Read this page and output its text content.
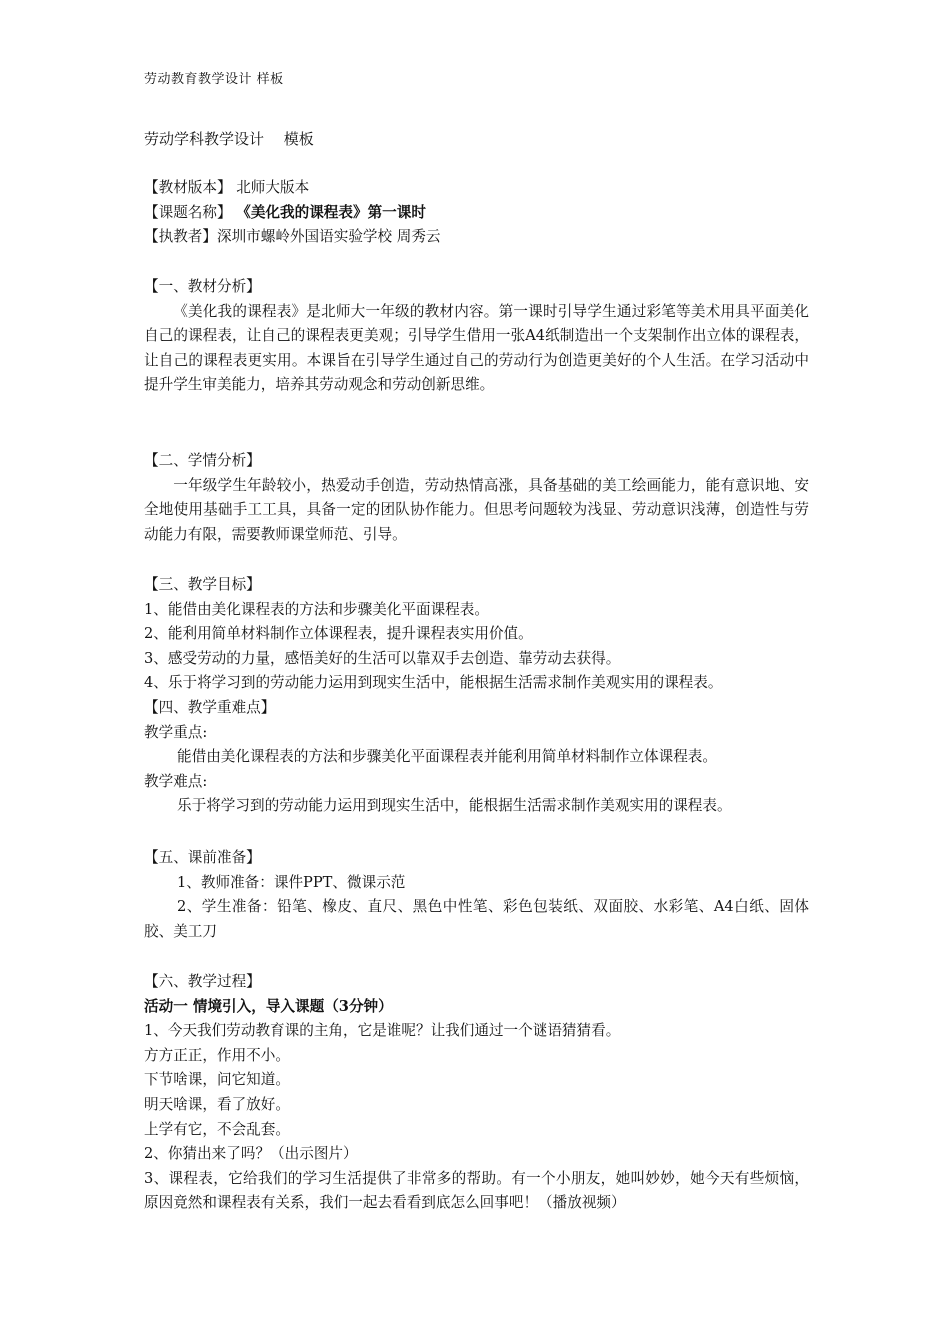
劳动教育教学设计 样板
劳动学科教学设计　 模板
【教材版本】 北师大版本
【课题名称】 《美化我的课程表》第一课时
【执教者】深圳市螺岭外国语实验学校 周秀云
【一、教材分析】
《美化我的课程表》是北师大一年级的教材内容。第一课时引导学生通过彩笔等美术用具平面美化自己的课程表，让自己的课程表更美观；引导学生借用一张A4纸制造出一个支架制作出立体的课程表，让自己的课程表更实用。本课旨在引导学生通过自己的劳动行为创造更美好的个人生活。在学习活动中提升学生审美能力，培养其劳动观念和劳动创新思维。
【二、学情分析】
一年级学生年龄较小，热爱动手创造，劳动热情高涨，具备基础的美工绘画能力，能有意识地、安全地使用基础手工工具，具备一定的团队协作能力。但思考问题较为浅显、劳动意识浅薄，创造性与劳动能力有限，需要教师课堂师范、引导。
【三、教学目标】
1、能借由美化课程表的方法和步骤美化平面课程表。
2、能利用简单材料制作立体课程表，提升课程表实用价值。
3、感受劳动的力量，感悟美好的生活可以靠双手去创造、靠劳动去获得。
4、乐于将学习到的劳动能力运用到现实生活中，能根据生活需求制作美观实用的课程表。
【四、教学重难点】
教学重点:
能借由美化课程表的方法和步骤美化平面课程表并能利用简单材料制作立体课程表。
教学难点:
乐于将学习到的劳动能力运用到现实生活中，能根据生活需求制作美观实用的课程表。
【五、课前准备】
1、教师准备：课件PPT、微课示范
2、学生准备：铅笔、橡皮、直尺、黑色中性笔、彩色包装纸、双面胶、水彩笔、A4白纸、固体胶、美工刀
【六、教学过程】
活动一 情境引入，导入课题（3分钟）
1、今天我们劳动教育课的主角，它是谁呢？让我们通过一个谜语猜猜看。
方方正正，作用不小。
下节啥课，问它知道。
明天啥课，看了放好。
上学有它，不会乱套。
2、你猜出来了吗？（出示图片）
3、课程表，它给我们的学习生活提供了非常多的帮助。有一个小朋友，她叫妙妙，她今天有些烦恼，原因竟然和课程表有关系，我们一起去看看到底怎么回事吧！（播放视频）
